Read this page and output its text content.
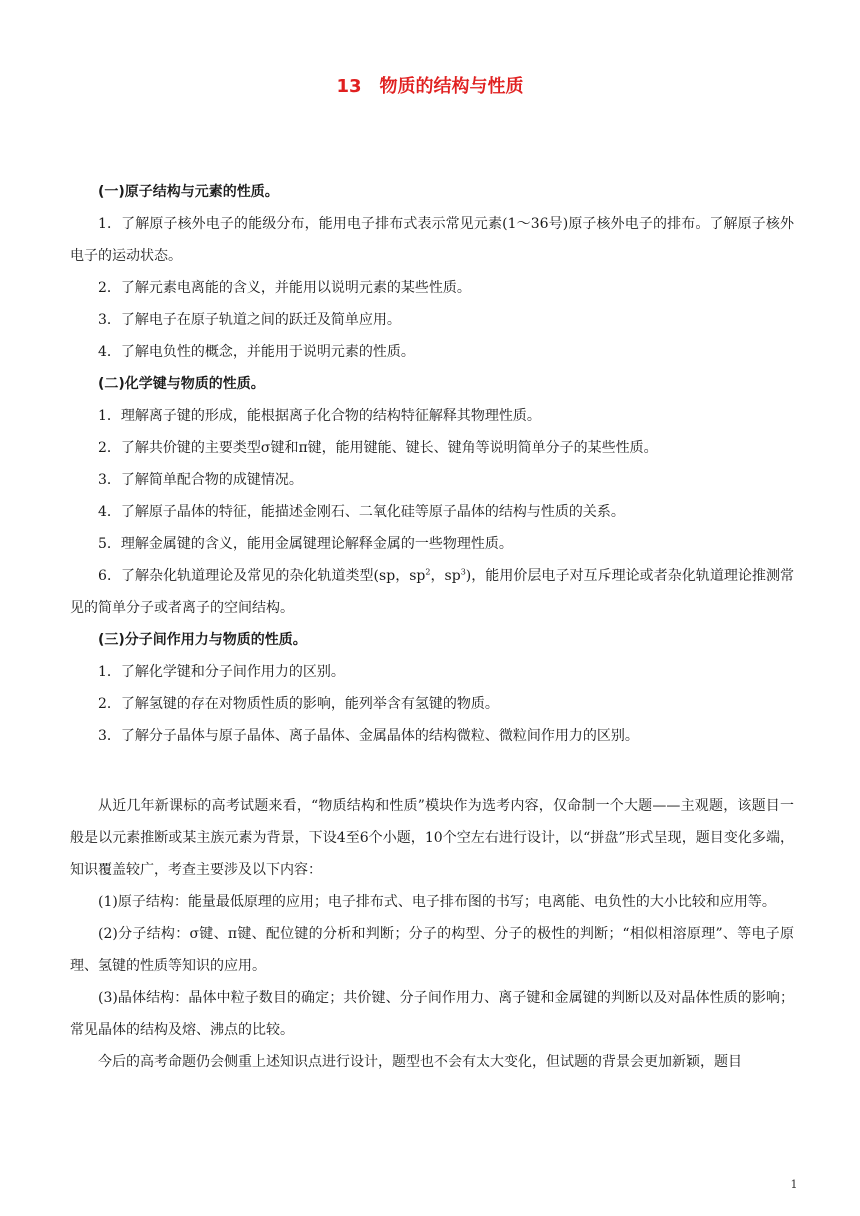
13　物质的结构与性质

(一)原子结构与元素的性质。

1．了解原子核外电子的能级分布，能用电子排布式表示常见元素(1～36号)原子核外电子的排布。了解原子核外电子的运动状态。

2．了解元素电离能的含义，并能用以说明元素的某些性质。

3．了解电子在原子轨道之间的跃迁及简单应用。

4．了解电负性的概念，并能用于说明元素的性质。

(二)化学键与物质的性质。

1．理解离子键的形成，能根据离子化合物的结构特征解释其物理性质。

2．了解共价键的主要类型σ键和π键，能用键能、键长、键角等说明简单分子的某些性质。

3．了解简单配合物的成键情况。

4．了解原子晶体的特征，能描述金刚石、二氧化硅等原子晶体的结构与性质的关系。

5．理解金属键的含义，能用金属键理论解释金属的一些物理性质。

6．了解杂化轨道理论及常见的杂化轨道类型(sp，$sp^2$，$sp^3$)，能用价层电子对互斥理论或者杂化轨道理论推测常见的简单分子或者离子的空间结构。

(三)分子间作用力与物质的性质。

1．了解化学键和分子间作用力的区别。

2．了解氢键的存在对物质性质的影响，能列举含有氢键的物质。

3．了解分子晶体与原子晶体、离子晶体、金属晶体的结构微粒、微粒间作用力的区别。

从近几年新课标的高考试题来看，“物质结构和性质”模块作为选考内容，仅命制一个大题——主观题，该题目一般是以元素推断或某主族元素为背景，下设4至6个小题，10个空左右进行设计，以“拼盘”形式呈现，题目变化多端，知识覆盖较广，考查主要涉及以下内容：

(1)原子结构：能量最低原理的应用；电子排布式、电子排布图的书写；电离能、电负性的大小比较和应用等。

(2)分子结构：σ键、π键、配位键的分析和判断；分子的构型、分子的极性的判断；“相似相溶原理”、等电子原理、氢键的性质等知识的应用。

(3)晶体结构：晶体中粒子数目的确定；共价键、分子间作用力、离子键和金属键的判断以及对晶体性质的影响；常见晶体的结构及熔、沸点的比较。

今后的高考命题仍会侧重上述知识点进行设计，题型也不会有太大变化，但试题的背景会更加新颖，题目

1
